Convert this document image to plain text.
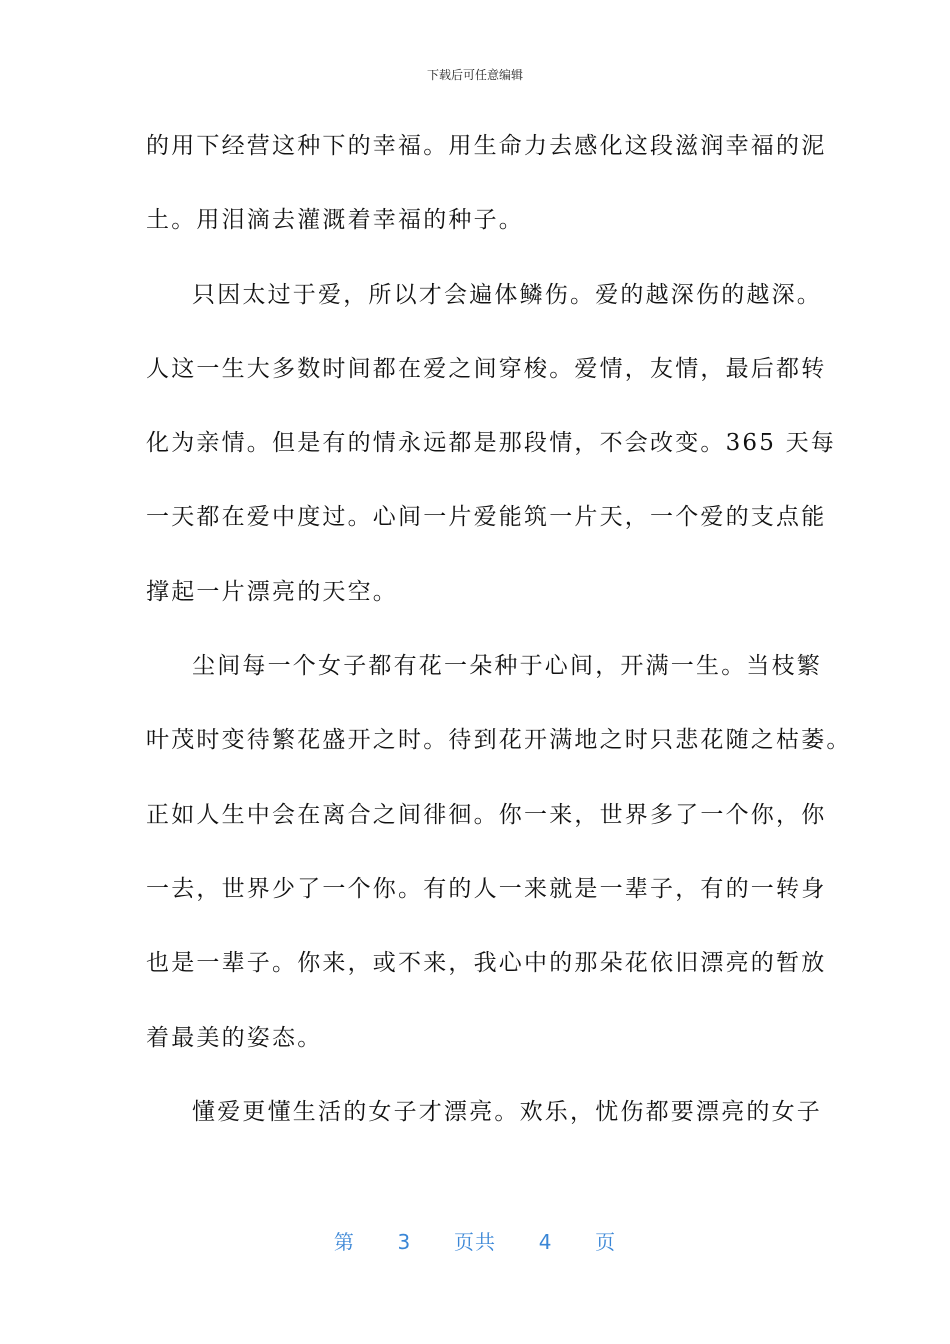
下载后可任意编辑
的用下经营这种下的幸福。用生命力去感化这段滋润幸福的泥
土。用泪滴去灌溉着幸福的种子。
只因太过于爱，所以才会遍体鳞伤。爱的越深伤的越深。
人这一生大多数时间都在爱之间穿梭。爱情，友情，最后都转
化为亲情。但是有的情永远都是那段情，不会改变。365 天每
一天都在爱中度过。心间一片爱能筑一片天，一个爱的支点能
撑起一片漂亮的天空。
尘间每一个女子都有花一朵种于心间，开满一生。当枝繁
叶茂时变待繁花盛开之时。待到花开满地之时只悲花随之枯萎。
正如人生中会在离合之间徘徊。你一来，世界多了一个你，你
一去，世界少了一个你。有的人一来就是一辈子，有的一转身
也是一辈子。你来，或不来，我心中的那朵花依旧漂亮的暂放
着最美的姿态。
懂爱更懂生活的女子才漂亮。欢乐，忧伤都要漂亮的女子
第 3 页共 4 页
